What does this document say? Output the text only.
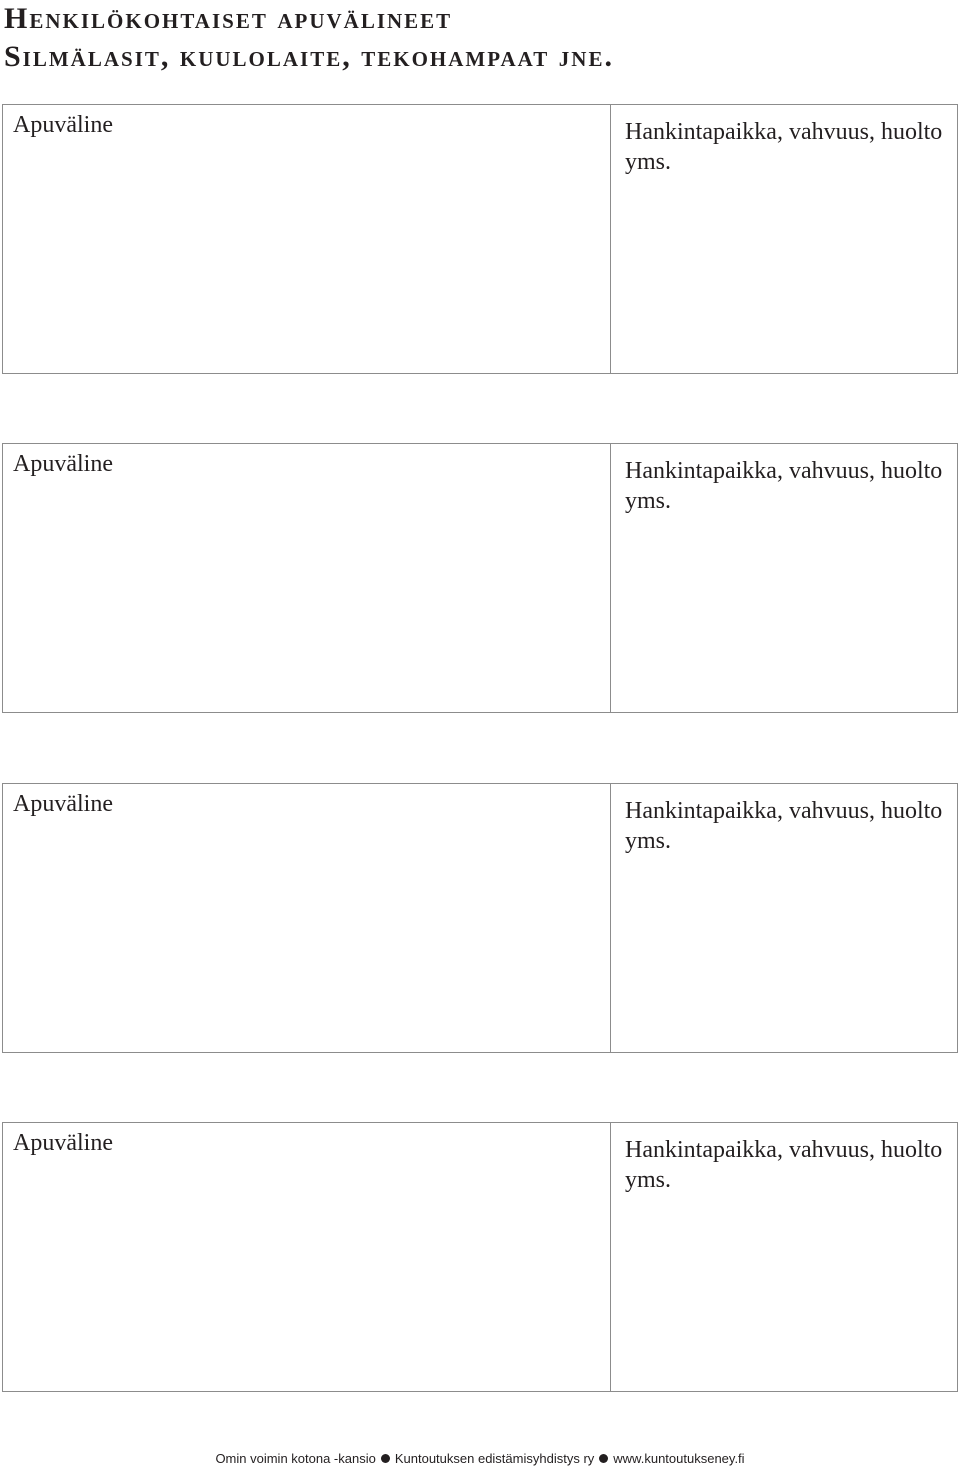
Henkilökohtaiset apuvälineet
Silmälasit, kuulolaite, tekohampaat jne.
Apuväline	Hankintapaikka, vahvuus, huolto yms.
Apuväline	Hankintapaikka, vahvuus, huolto yms.
Apuväline	Hankintapaikka, vahvuus, huolto yms.
Apuväline	Hankintapaikka, vahvuus, huolto yms.
Omin voimin kotona -kansio Kuntoutuksen edistämisyhdistys ry www.kuntoutukseney.fi
